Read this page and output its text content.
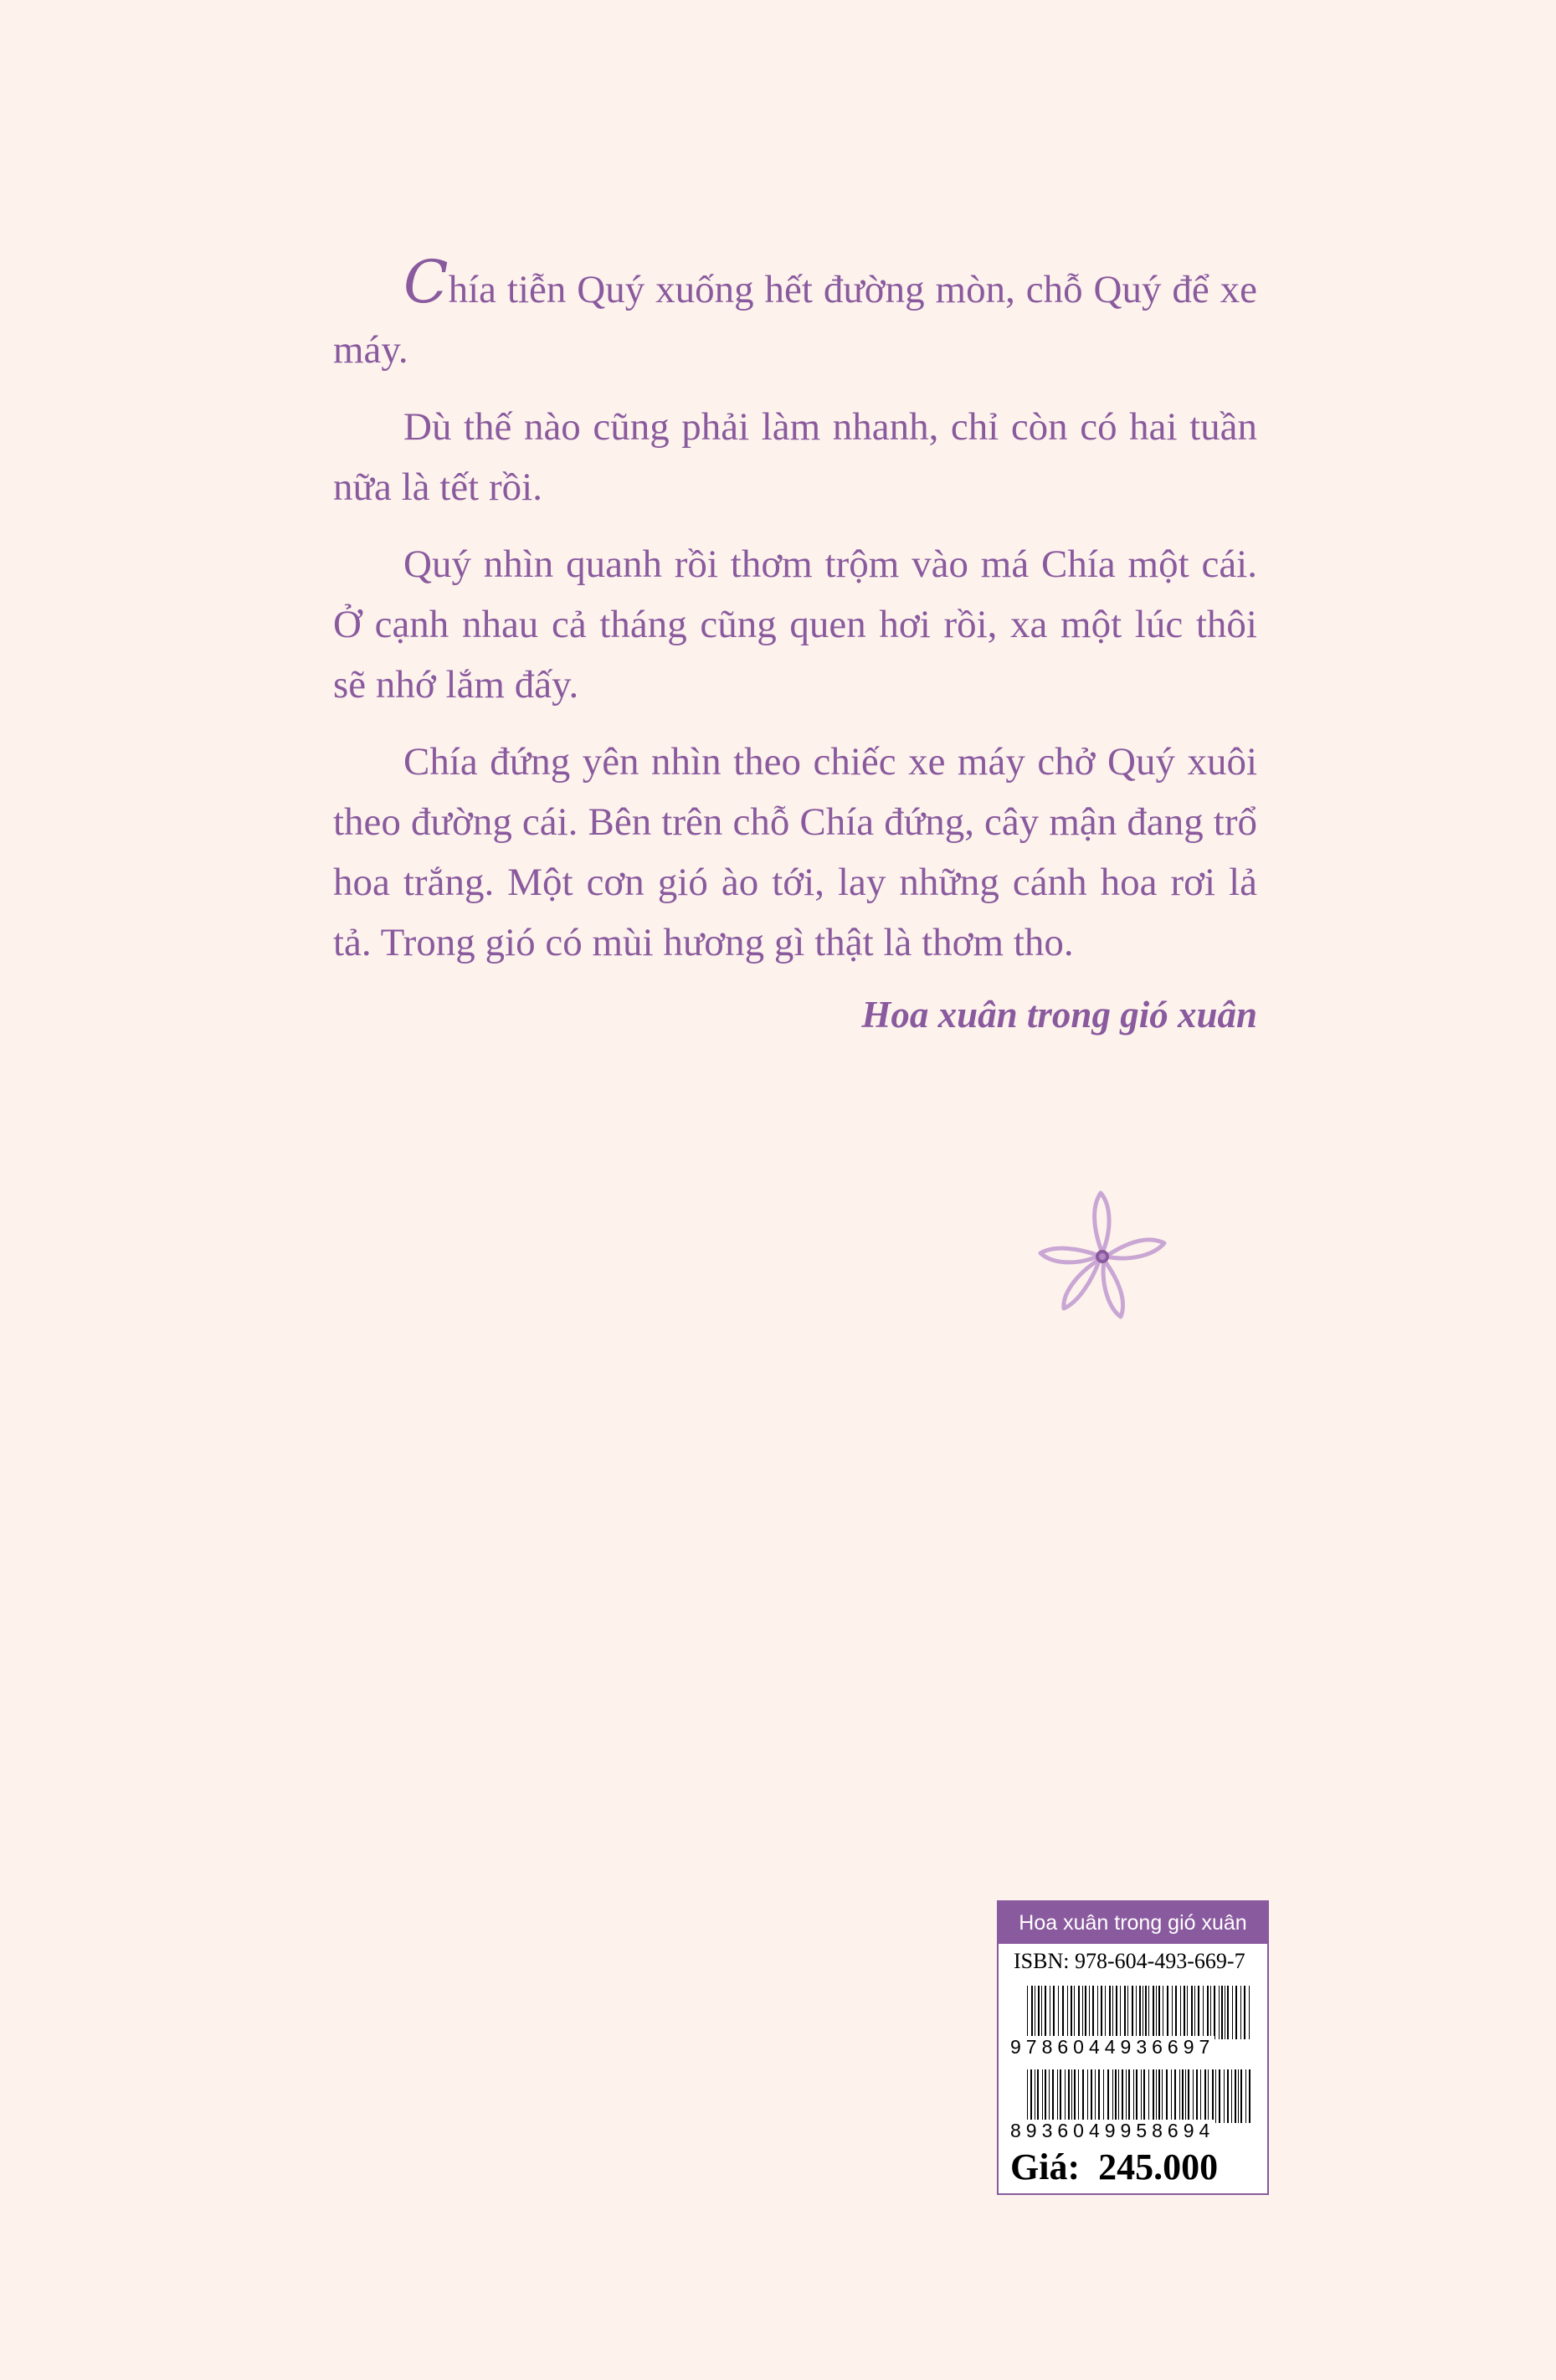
Chía tiễn Quý xuống hết đường mòn, chỗ Quý để xe máy.

Dù thế nào cũng phải làm nhanh, chỉ còn có hai tuần nữa là tết rồi.

Quý nhìn quanh rồi thơm trộm vào má Chía một cái. Ở cạnh nhau cả tháng cũng quen hơi rồi, xa một lúc thôi sẽ nhớ lắm đấy.

Chía đứng yên nhìn theo chiếc xe máy chở Quý xuôi theo đường cái. Bên trên chỗ Chía đứng, cây mận đang trổ hoa trắng. Một cơn gió ào tới, lay những cánh hoa rơi lả tả. Trong gió có mùi hương gì thật là thơm tho.

Hoa xuân trong gió xuân
Hoa xuân trong gió xuân
ISBN: 978-604-493-669-7
9786044936697
8936049958694
Giá: 245.000
